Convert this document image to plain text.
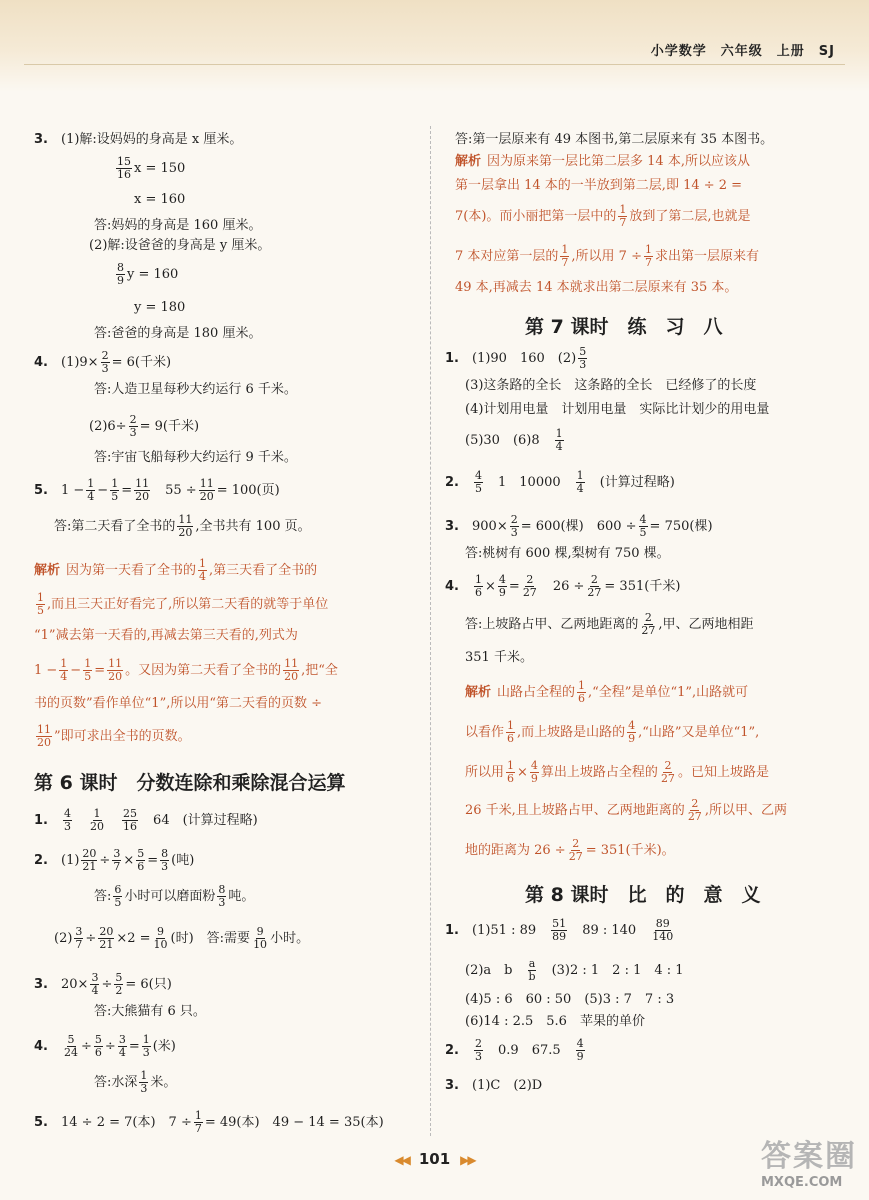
小学数学　六年级　上册　SJ
3.　 (1)解:设妈妈的身高是 x 厘米。
$\frac{15}{16}$ x = 150
x = 160
答:妈妈的身高是 160 厘米。
(2)解:设爸爸的身高是 y 厘米。
$\frac{8}{9}$ y = 160
y = 180
答:爸爸的身高是 180 厘米。
4.　 $(1)9\times \frac{2}{3} = 6$(千米)
答:人造卫星每秒大约运行 6 千米。
$(2)6\div \frac{2}{3} = 9$(千米)
答:宇宙飞船每秒大约运行 9 千米。
5.　 $1 - \frac{1}{4} - \frac{1}{5} = \frac{11}{20}$
　 $55 \div \frac{11}{20} = 100$(页)
答:第二天看了全书的 $\frac{11}{20}$ ,全书共有 100 页。
解析 因为第一天看了全书的 $\frac{1}{4}$ ,第三天看了全书的
$\frac{1}{5}$ ,而且三天正好看完了,所以第二天看的就等于单位
“1”减去第一天看的,再减去第三天看的,列式为
$1 - \frac{1}{4} - \frac{1}{5} = \frac{11}{20}$ 。又因为第二天看了全书的 $\frac{11}{20}$ ,把“全
书的页数”看作单位“1”,所以用“第二天看的页数 ÷
$\frac{11}{20}$ ”即可求出全书的页数。
第 6 课时　分数连除和乘除混合运算
1.　 $\frac{4}{3}$
　 $\frac{1}{20}$
　 $\frac{25}{16}$
　 64　 (计算过程略)
2.　 $(1) \frac{20}{21} \div \frac{3}{7} \times \frac{5}{6} = \frac{8}{3}$ (吨)
答: $\frac{6}{5}$ 小时可以磨面粉 $\frac{8}{3}$ 吨。
$(2) \frac{3}{7} \div \frac{20}{21} \times 2 = \frac{9}{10}$ (时)　答:需要 $\frac{9}{10}$ 小时。
3.　 $20\times \frac{3}{4} \div \frac{5}{2} = 6$(只)
答:大熊猫有 6 只。
4.　 $\frac{5}{24} \div \frac{5}{6} \div \frac{3}{4} = \frac{1}{3}$ (米)
答:水深 $\frac{1}{3}$ 米。
5.　 14 ÷ 2 = 7(本)　$7 \div \frac{1}{7} = 49$(本)　49 − 14 = 35(本)
答:第一层原来有 49 本图书,第二层原来有 35 本图书。
解析 因为原来第一层比第二层多 14 本,所以应该从
第一层拿出 14 本的一半放到第二层,即 14 ÷ 2 =
7(本)。而小丽把第一层中的 $\frac{1}{7}$ 放到了第二层,也就是
7 本对应第一层的 $\frac{1}{7}$ ,所以用 $7 \div \frac{1}{7}$ 求出第一层原来有
49 本,再减去 14 本就求出第二层原来有 35 本。
第 7 课时　练　习　八
1.　 (1)90　160　$(2) \frac{5}{3}$
(3)这条路的全长　这条路的全长　已经修了的长度
(4)计划用电量　计划用电量　实际比计划少的用电量
(5)30　(6)8　 $\frac{1}{4}$
2.　 $\frac{4}{5}$
　 1　10000　 $\frac{1}{4}$
　 (计算过程略)
3.　 $900\times \frac{2}{3} = 600$(棵)　$600 \div \frac{4}{5} = 750$(棵)
答:桃树有 600 棵,梨树有 750 棵。
4.　 $\frac{1}{6} \times \frac{4}{9} = \frac{2}{27}$
　 $26 \div \frac{2}{27} = 351$(千米)
答:上坡路占甲、乙两地距离的 $\frac{2}{27}$ ,甲、乙两地相距
351 千米。
解析 山路占全程的 $\frac{1}{6}$ ,“全程”是单位“1”,山路就可
以看作 $\frac{1}{6}$ ,而上坡路是山路的 $\frac{4}{9}$ ,“山路”又是单位“1”,
所以用 $\frac{1}{6} \times \frac{4}{9}$ 算出上坡路占全程的 $\frac{2}{27}$ 。已知上坡路是
26 千米,且上坡路占甲、乙两地距离的 $\frac{2}{27}$ ,所以甲、乙两
地的距离为 $26 \div \frac{2}{27} = 351$(千米)。
第 8 课时　比　的　意　义
1.　 (1)51 : 89　 $\frac{51}{89}$
　 89 : 140　 $\frac{89}{140}$
(2)a　b　 $\frac{a}{b}$
　 (3)2 : 1　2 : 1　4 : 1
(4)5 : 6　60 : 50　(5)3 : 7　7 : 3
(6)14 : 2.5　5.6　苹果的单价
2.　 $\frac{2}{3}$
　 0.9　67.5　 $\frac{4}{9}$
3.　 (1)C　(2)D
◀◀ 101 ▶▶	答案圈
MXQE.COM
